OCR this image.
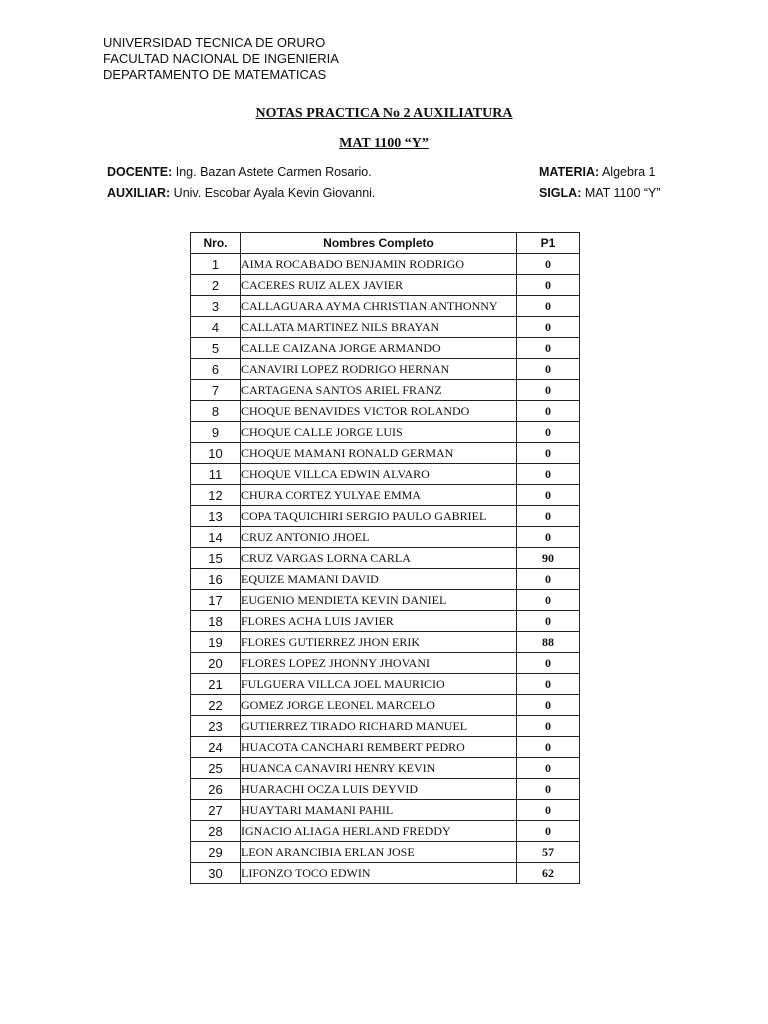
UNIVERSIDAD TECNICA DE ORURO
FACULTAD NACIONAL DE INGENIERIA
DEPARTAMENTO DE MATEMATICAS
NOTAS PRACTICA No 2 AUXILIATURA
MAT 1100 “Y”
DOCENTE: Ing. Bazan Astete Carmen Rosario.
AUXILIAR: Univ. Escobar Ayala Kevin Giovanni.
MATERIA: Algebra 1
SIGLA: MAT 1100 “Y”
Nro.	Nombres Completo	P1
1	AIMA ROCABADO BENJAMIN RODRIGO	0
2	CACERES RUIZ ALEX JAVIER	0
3	CALLAGUARA AYMA CHRISTIAN ANTHONNY	0
4	CALLATA MARTINEZ NILS BRAYAN	0
5	CALLE CAIZANA JORGE ARMANDO	0
6	CANAVIRI LOPEZ RODRIGO HERNAN	0
7	CARTAGENA SANTOS ARIEL FRANZ	0
8	CHOQUE BENAVIDES VICTOR ROLANDO	0
9	CHOQUE CALLE JORGE LUIS	0
10	CHOQUE MAMANI RONALD GERMAN	0
11	CHOQUE VILLCA EDWIN ALVARO	0
12	CHURA CORTEZ YULYAE EMMA	0
13	COPA TAQUICHIRI SERGIO PAULO GABRIEL	0
14	CRUZ ANTONIO JHOEL	0
15	CRUZ VARGAS LORNA CARLA	90
16	EQUIZE MAMANI DAVID	0
17	EUGENIO MENDIETA KEVIN DANIEL	0
18	FLORES ACHA LUIS JAVIER	0
19	FLORES GUTIERREZ JHON ERIK	88
20	FLORES LOPEZ JHONNY JHOVANI	0
21	FULGUERA VILLCA JOEL MAURICIO	0
22	GOMEZ JORGE LEONEL MARCELO	0
23	GUTIERREZ TIRADO RICHARD MANUEL	0
24	HUACOTA CANCHARI REMBERT PEDRO	0
25	HUANCA CANAVIRI HENRY KEVIN	0
26	HUARACHI OCZA LUIS DEYVID	0
27	HUAYTARI MAMANI PAHIL	0
28	IGNACIO ALIAGA HERLAND FREDDY	0
29	LEON ARANCIBIA ERLAN JOSE	57
30	LIFONZO TOCO EDWIN	62
